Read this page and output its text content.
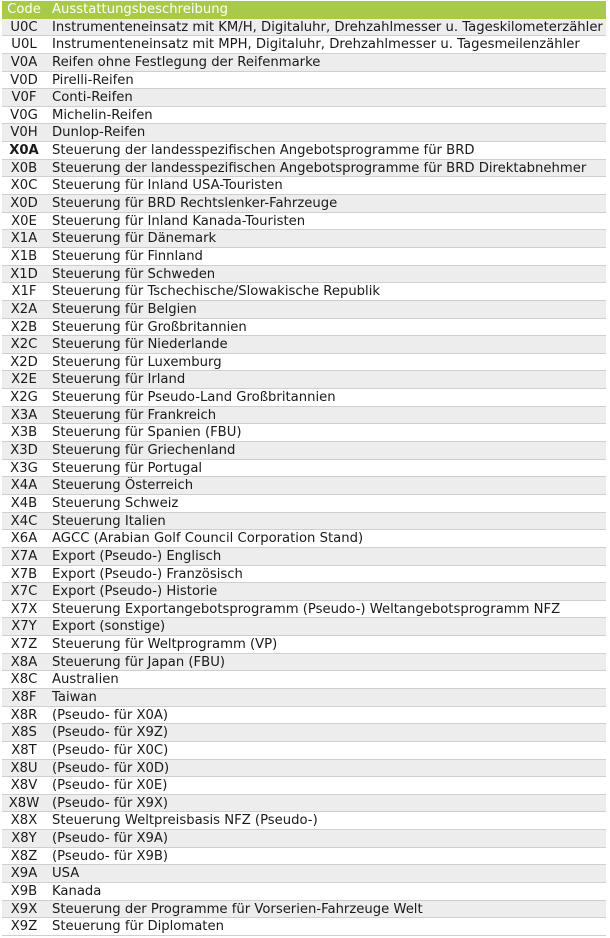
Code Ausstattungsbeschreibung
U0C	Instrumenteneinsatz mit KM/H, Digitaluhr, Drehzahlmesser u. Tageskilometerzähler
U0L	Instrumenteneinsatz mit MPH, Digitaluhr, Drehzahlmesser u. Tagesmeilenzähler
V0A	Reifen ohne Festlegung der Reifenmarke
V0D	Pirelli-Reifen
V0F	Conti-Reifen
V0G	Michelin-Reifen
V0H	Dunlop-Reifen
X0A	Steuerung der landesspezifischen Angebotsprogramme für BRD
X0B	Steuerung der landesspezifischen Angebotsprogramme für BRD Direktabnehmer
X0C	Steuerung für Inland USA-Touristen
X0D	Steuerung für BRD Rechtslenker-Fahrzeuge
X0E	Steuerung für Inland Kanada-Touristen
X1A	Steuerung für Dänemark
X1B	Steuerung für Finnland
X1D	Steuerung für Schweden
X1F	Steuerung für Tschechische/Slowakische Republik
X2A	Steuerung für Belgien
X2B	Steuerung für Großbritannien
X2C	Steuerung für Niederlande
X2D	Steuerung für Luxemburg
X2E	Steuerung für Irland
X2G	Steuerung für Pseudo-Land Großbritannien
X3A	Steuerung für Frankreich
X3B	Steuerung für Spanien (FBU)
X3D	Steuerung für Griechenland
X3G	Steuerung für Portugal
X4A	Steuerung Österreich
X4B	Steuerung Schweiz
X4C	Steuerung Italien
X6A	AGCC (Arabian Golf Council Corporation Stand)
X7A	Export (Pseudo-) Englisch
X7B	Export (Pseudo-) Französisch
X7C	Export (Pseudo-) Historie
X7X	Steuerung Exportangebotsprogramm (Pseudo-) Weltangebotsprogramm NFZ
X7Y	Export (sonstige)
X7Z	Steuerung für Weltprogramm (VP)
X8A	Steuerung für Japan (FBU)
X8C	Australien
X8F	Taiwan
X8R	(Pseudo- für X0A)
X8S	(Pseudo- für X9Z)
X8T	(Pseudo- für X0C)
X8U	(Pseudo- für X0D)
X8V	(Pseudo- für X0E)
X8W (Pseudo- für X9X)
X8X	Steuerung Weltpreisbasis NFZ (Pseudo-)
X8Y	(Pseudo- für X9A)
X8Z	(Pseudo- für X9B)
X9A	USA
X9B	Kanada
X9X	Steuerung der Programme für Vorserien-Fahrzeuge Welt
X9Z	Steuerung für Diplomaten
